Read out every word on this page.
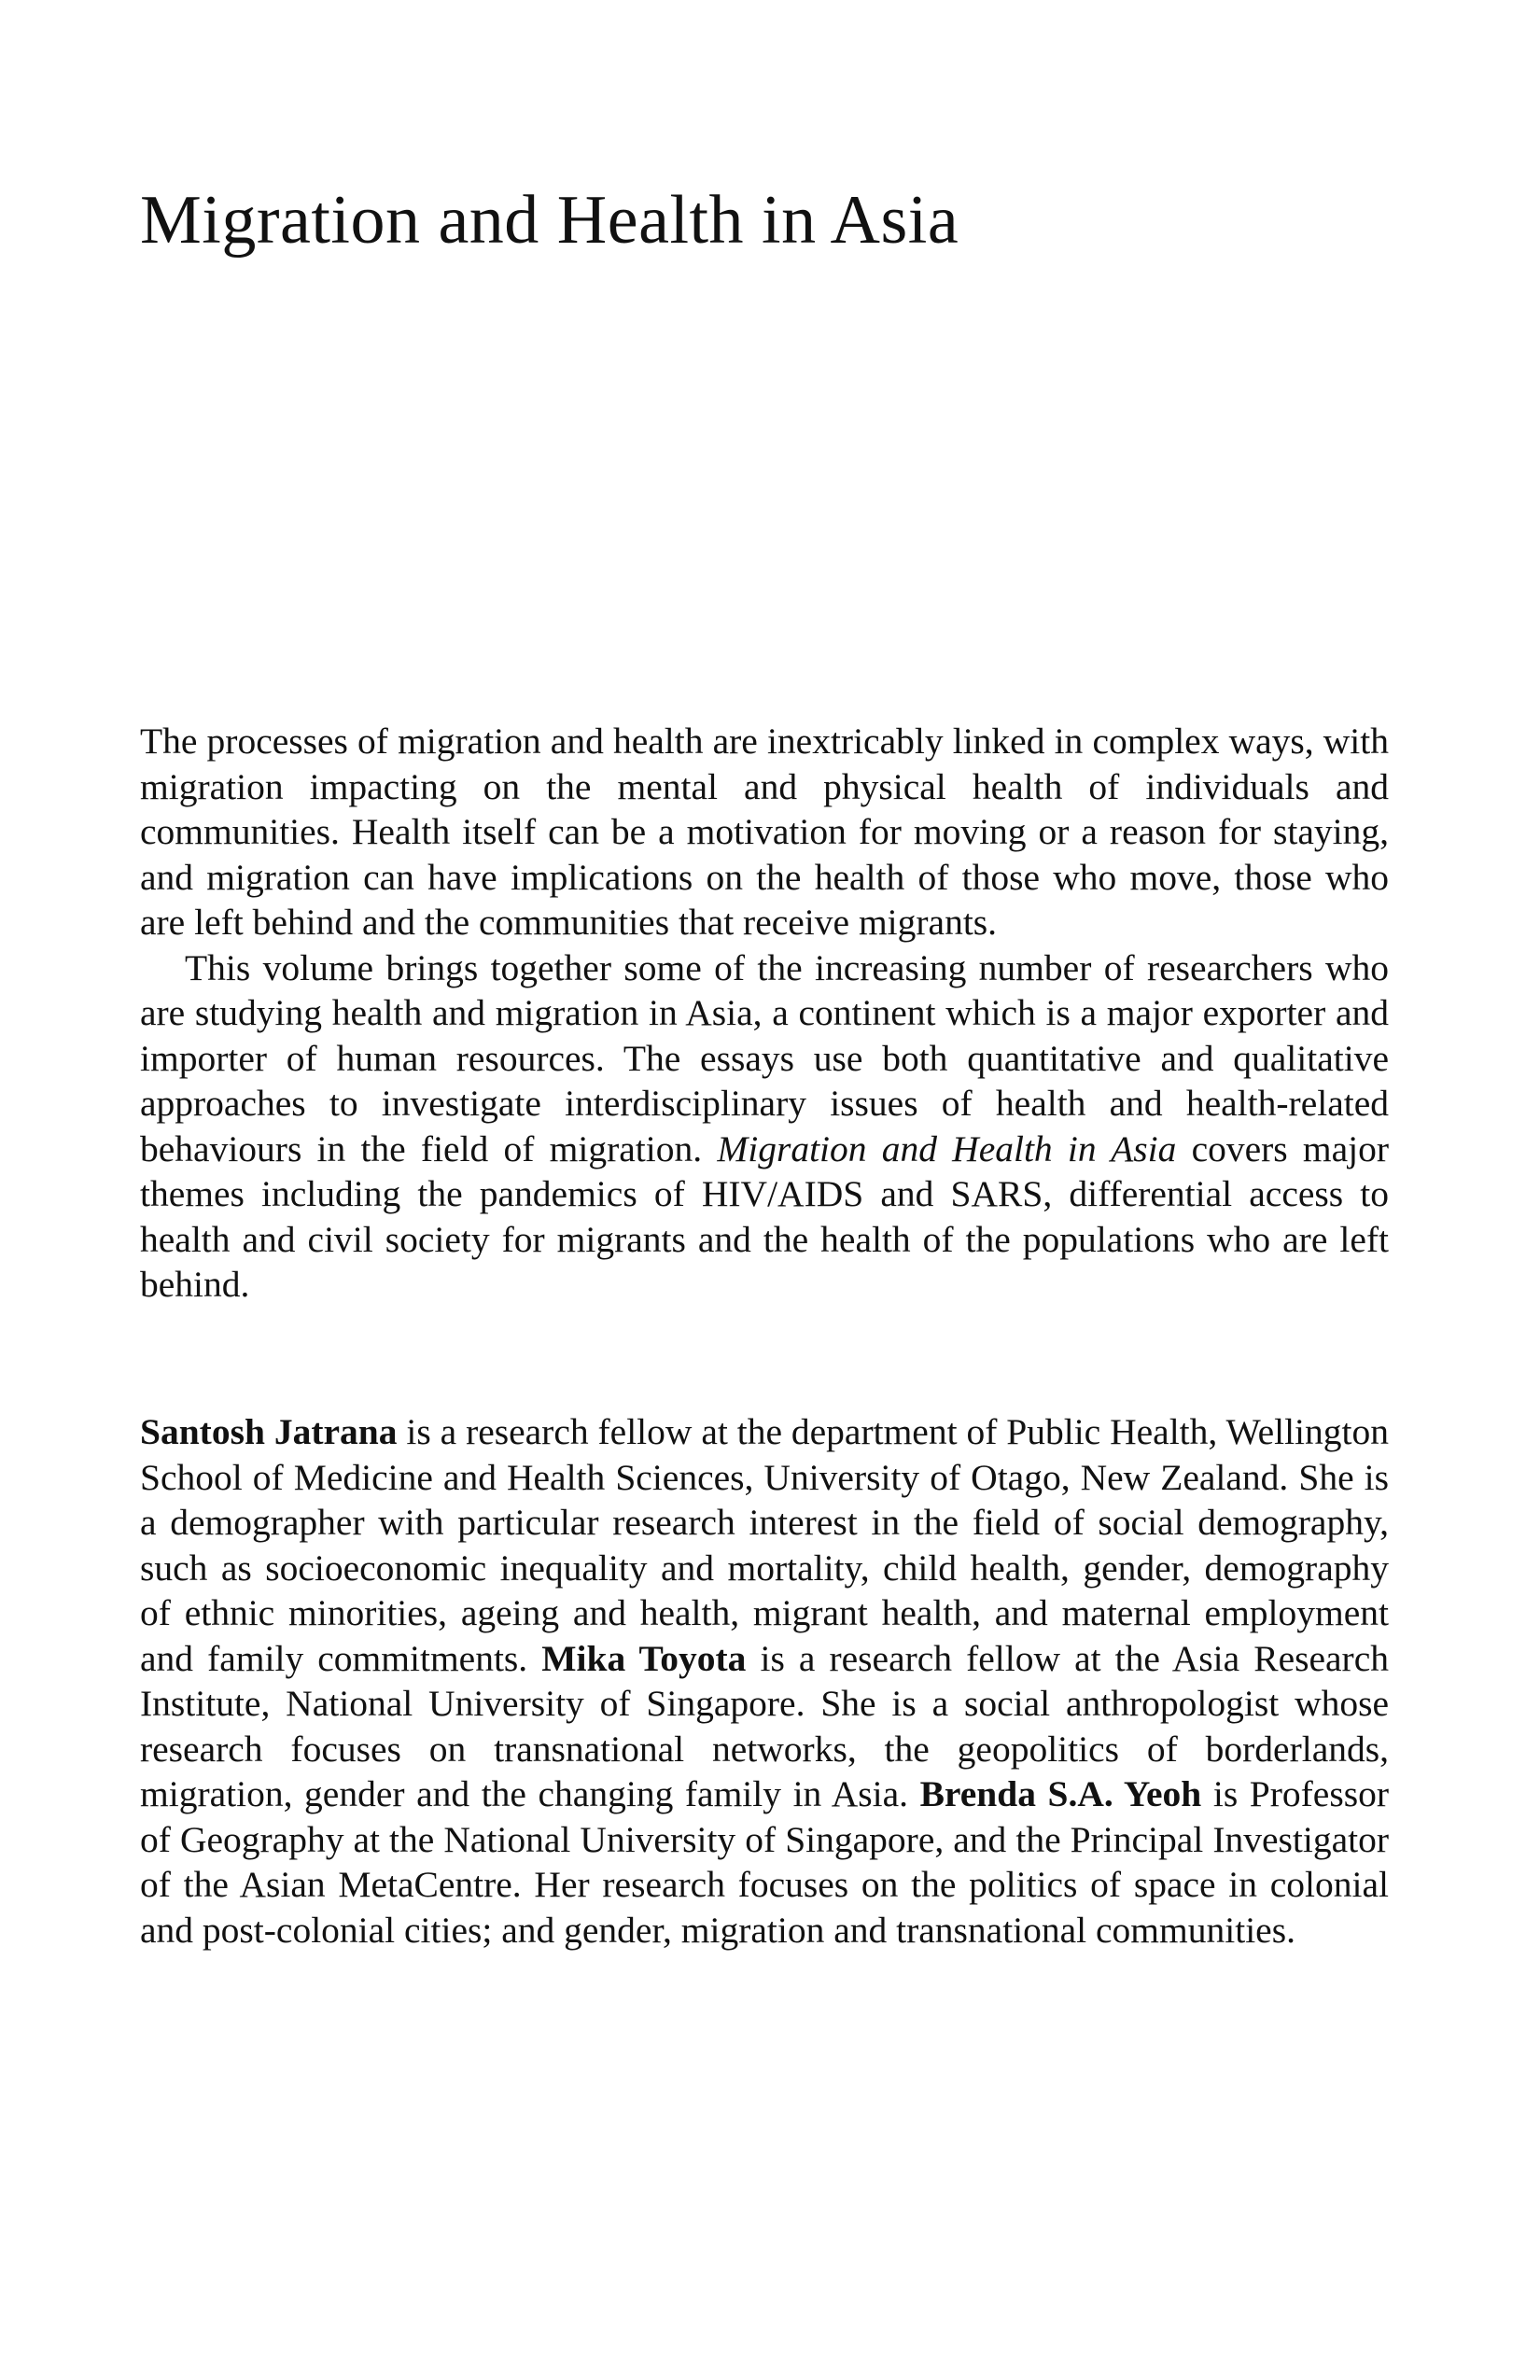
Migration and Health in Asia

The processes of migration and health are inextricably linked in complex ways, with migration impacting on the mental and physical health of individuals and communities. Health itself can be a motivation for moving or a reason for staying, and migration can have implications on the health of those who move, those who are left behind and the communities that receive migrants.

This volume brings together some of the increasing number of researchers who are studying health and migration in Asia, a continent which is a major exporter and importer of human resources. The essays use both quantitative and qualitative approaches to investigate interdisciplinary issues of health and health-related behaviours in the field of migration. Migration and Health in Asia covers major themes including the pandemics of HIV/AIDS and SARS, differential access to health and civil society for migrants and the health of the populations who are left behind.

Santosh Jatrana is a research fellow at the department of Public Health, Wellington School of Medicine and Health Sciences, University of Otago, New Zealand. She is a demographer with particular research interest in the field of social demography, such as socioeconomic inequality and mortality, child health, gender, demography of ethnic minorities, ageing and health, migrant health, and maternal employment and family commitments. Mika Toyota is a research fellow at the Asia Research Institute, National University of Singapore. She is a social anthropologist whose research focuses on transnational networks, the geopolitics of borderlands, migration, gender and the changing family in Asia. Brenda S.A. Yeoh is Professor of Geography at the National University of Singapore, and the Principal Investigator of the Asian MetaCentre. Her research focuses on the politics of space in colonial and post-colonial cities; and gender, migration and transnational communities.
